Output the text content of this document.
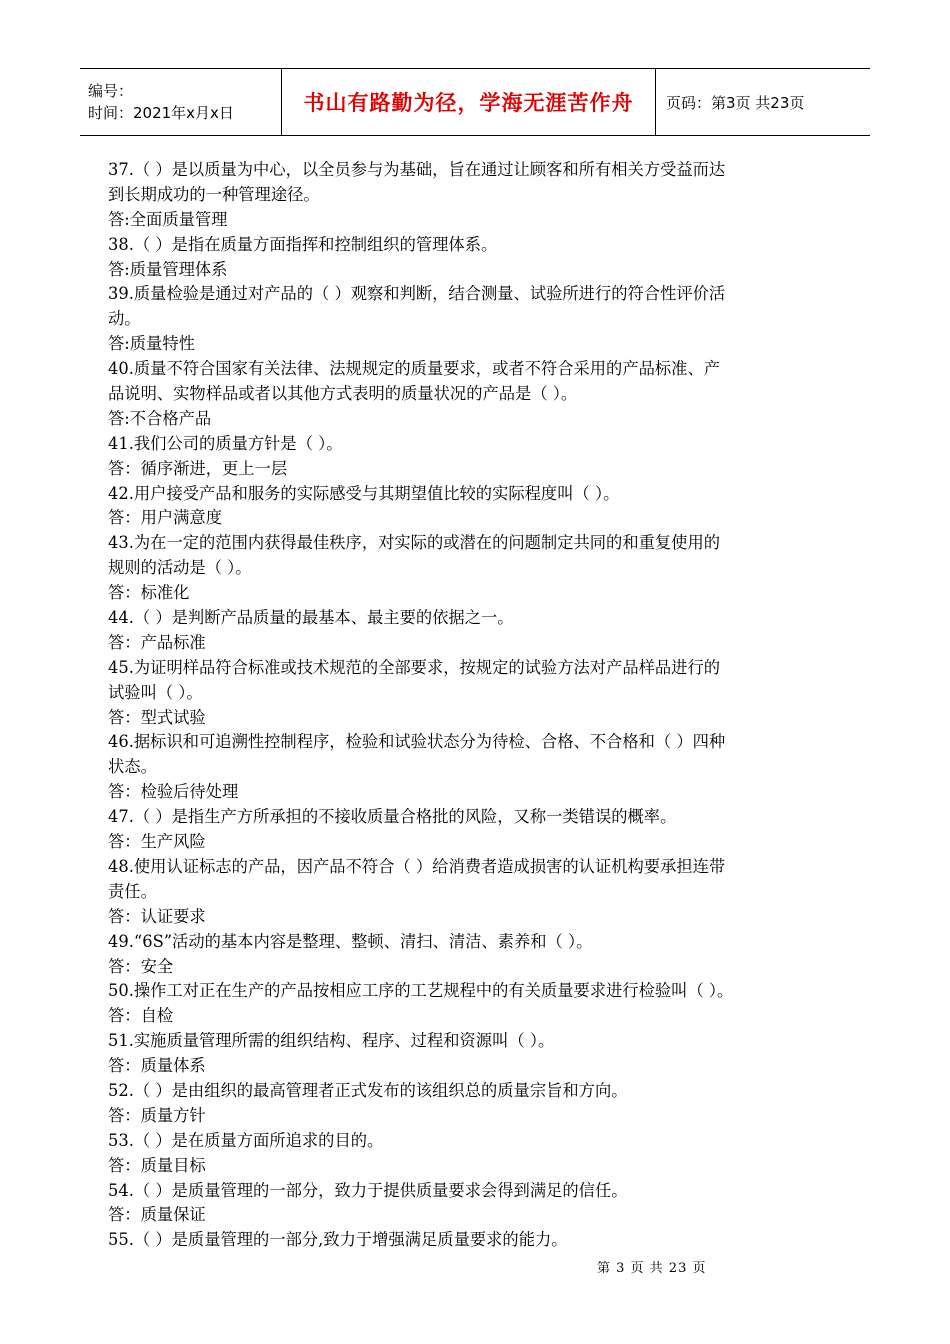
编号：
时间：2021年x月x日	书山有路勤为径，学海无涯苦作舟	页码：第3页 共23页
37.（ ）是以质量为中心，以全员参与为基础，旨在通过让顾客和所有相关方受益而达
到长期成功的一种管理途径。
答:全面质量管理
38.（ ）是指在质量方面指挥和控制组织的管理体系。
答:质量管理体系
39.质量检验是通过对产品的（ ）观察和判断，结合测量、试验所进行的符合性评价活
动。
答:质量特性
40.质量不符合国家有关法律、法规规定的质量要求，或者不符合采用的产品标准、产
品说明、实物样品或者以其他方式表明的质量状况的产品是（ ）。
答:不合格产品
41.我们公司的质量方针是（ ）。
答：循序渐进，更上一层
42.用户接受产品和服务的实际感受与其期望值比较的实际程度叫（ ）。
答：用户满意度
43.为在一定的范围内获得最佳秩序，对实际的或潜在的问题制定共同的和重复使用的
规则的活动是（ ）。
答：标准化
44.（ ）是判断产品质量的最基本、最主要的依据之一。
答：产品标准
45.为证明样品符合标准或技术规范的全部要求，按规定的试验方法对产品样品进行的
试验叫（ ）。
答：型式试验
46.据标识和可追溯性控制程序，检验和试验状态分为待检、合格、不合格和（ ）四种
状态。
答：检验后待处理
47.（ ）是指生产方所承担的不接收质量合格批的风险，又称一类错误的概率。
答：生产风险
48.使用认证标志的产品，因产品不符合（ ）给消费者造成损害的认证机构要承担连带
责任。
答：认证要求
49.“6S”活动的基本内容是整理、整顿、清扫、清洁、素养和（ ）。
答：安全
50.操作工对正在生产的产品按相应工序的工艺规程中的有关质量要求进行检验叫（ ）。
答：自检
51.实施质量管理所需的组织结构、程序、过程和资源叫（ ）。
答：质量体系
52.（ ）是由组织的最高管理者正式发布的该组织总的质量宗旨和方向。
答：质量方针
53.（ ）是在质量方面所追求的目的。
答：质量目标
54.（ ）是质量管理的一部分，致力于提供质量要求会得到满足的信任。
答：质量保证
55.（ ）是质量管理的一部分,致力于增强满足质量要求的能力。
第 3 页 共 23 页
